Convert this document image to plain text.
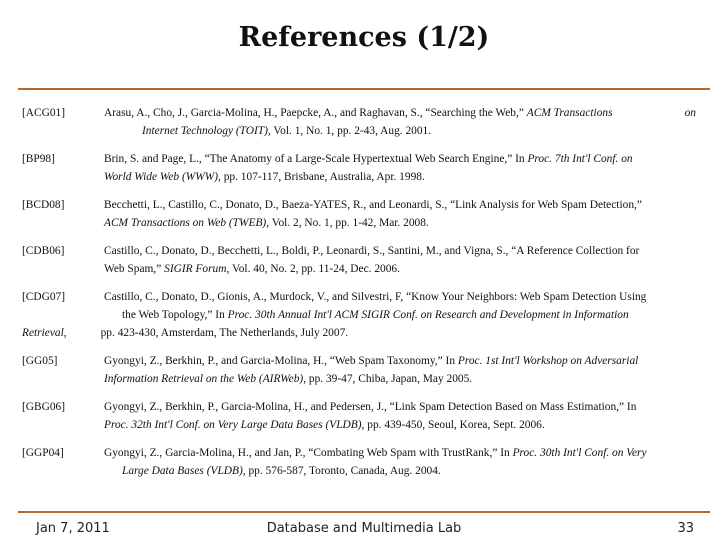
References (1/2)
[ACG01]	Arasu, A., Cho, J., Garcia-Molina, H., Paepcke, A., and Raghavan, S., “Searching the Web,” ACM Transactions	on
Internet Technology (TOIT), Vol. 1, No. 1, pp. 2-43, Aug. 2001.
[BP98]	Brin, S. and Page, L., “The Anatomy of a Large-Scale Hypertextual Web Search Engine,” In Proc. 7th Int'l Conf. on
World Wide Web (WWW), pp. 107-117, Brisbane, Australia, Apr. 1998.
[BCD08]	Becchetti, L., Castillo, C., Donato, D., Baeza-YATES, R., and Leonardi, S., “Link Analysis for Web Spam Detection,”
ACM Transactions on Web (TWEB), Vol. 2, No. 1, pp. 1-42, Mar. 2008.
[CDB06]	Castillo, C., Donato, D., Becchetti, L., Boldi, P., Leonardi, S., Santini, M., and Vigna, S., “A Reference Collection for
Web Spam,” SIGIR Forum, Vol. 40, No. 2, pp. 11-24, Dec. 2006.
[CDG07]	Castillo, C., Donato, D., Gionis, A., Murdock, V., and Silvestri, F, “Know Your Neighbors: Web Spam Detection Using
the Web Topology,” In Proc. 30th Annual Int'l ACM SIGIR Conf. on Research and Development in Information
Retrieval,	pp. 423-430, Amsterdam, The Netherlands, July 2007.
[GG05]	Gyongyi, Z., Berkhin, P., and Garcia-Molina, H., “Web Spam Taxonomy,” In Proc. 1st Int'l Workshop on Adversarial
Information Retrieval on the Web (AIRWeb), pp. 39-47, Chiba, Japan, May 2005.
[GBG06]	Gyongyi, Z., Berkhin, P., Garcia-Molina, H., and Pedersen, J., “Link Spam Detection Based on Mass Estimation,” In
Proc. 32th Int'l Conf. on Very Large Data Bases (VLDB), pp. 439-450, Seoul, Korea, Sept. 2006.
[GGP04]	Gyongyi, Z., Garcia-Molina, H., and Jan, P., “Combating Web Spam with TrustRank,” In Proc. 30th Int'l Conf. on Very
Large Data Bases (VLDB), pp. 576-587, Toronto, Canada, Aug. 2004.
Jan 7, 2011	Database and Multimedia Lab	33
